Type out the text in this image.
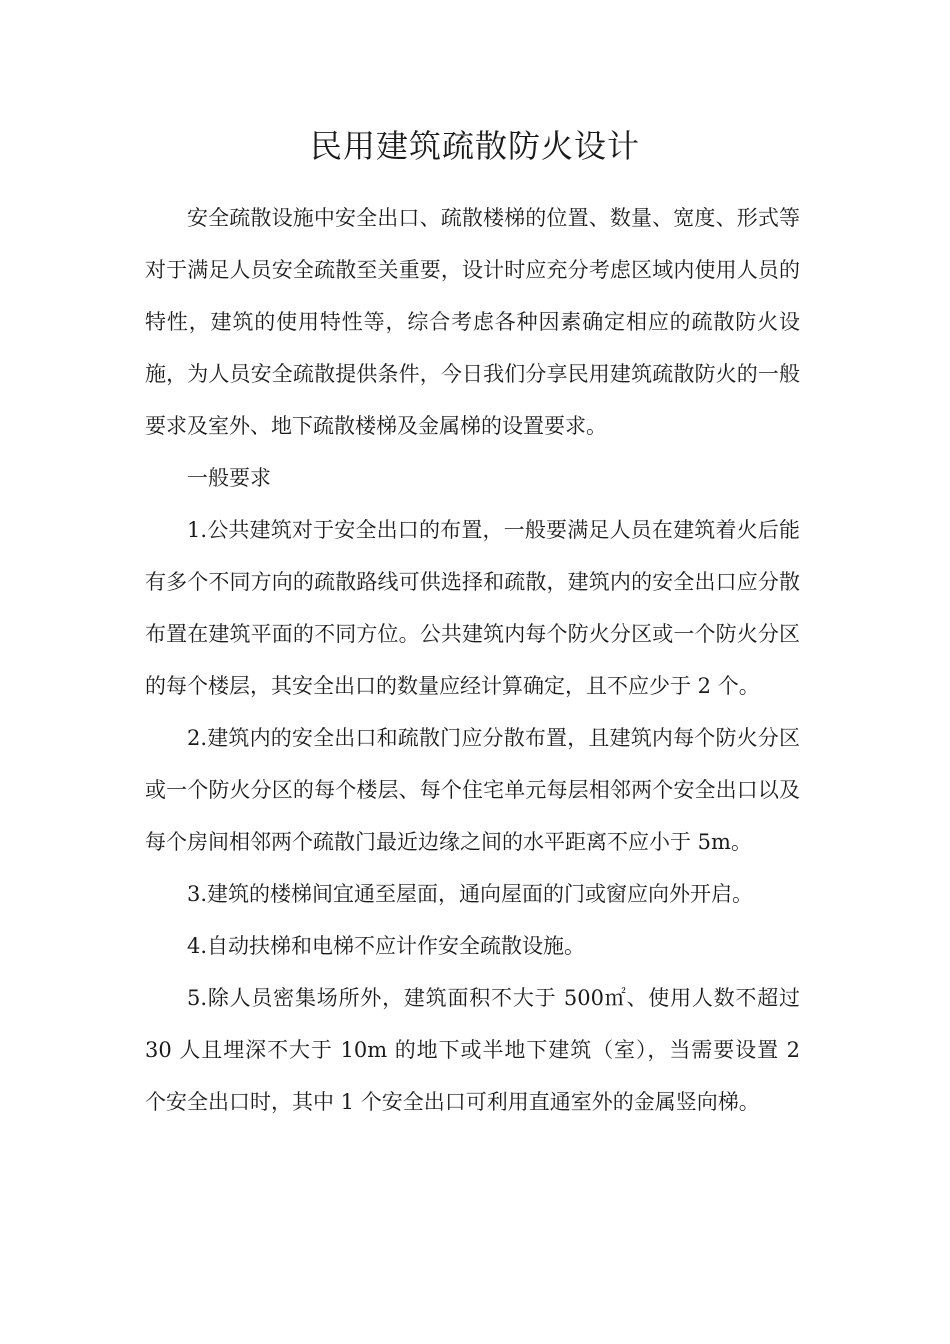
民用建筑疏散防火设计

安全疏散设施中安全出口、疏散楼梯的位置、数量、宽度、形式等对于满足人员安全疏散至关重要，设计时应充分考虑区域内使用人员的特性，建筑的使用特性等，综合考虑各种因素确定相应的疏散防火设施，为人员安全疏散提供条件，今日我们分享民用建筑疏散防火的一般要求及室外、地下疏散楼梯及金属梯的设置要求。

一般要求

1.公共建筑对于安全出口的布置，一般要满足人员在建筑着火后能有多个不同方向的疏散路线可供选择和疏散，建筑内的安全出口应分散布置在建筑平面的不同方位。公共建筑内每个防火分区或一个防火分区的每个楼层，其安全出口的数量应经计算确定，且不应少于 2 个。

2.建筑内的安全出口和疏散门应分散布置，且建筑内每个防火分区或一个防火分区的每个楼层、每个住宅单元每层相邻两个安全出口以及每个房间相邻两个疏散门最近边缘之间的水平距离不应小于 5m。

3.建筑的楼梯间宜通至屋面，通向屋面的门或窗应向外开启。

4.自动扶梯和电梯不应计作安全疏散设施。

5.除人员密集场所外，建筑面积不大于 500㎡、使用人数不超过 30 人且埋深不大于 10m 的地下或半地下建筑（室），当需要设置 2 个安全出口时，其中 1 个安全出口可利用直通室外的金属竖向梯。
